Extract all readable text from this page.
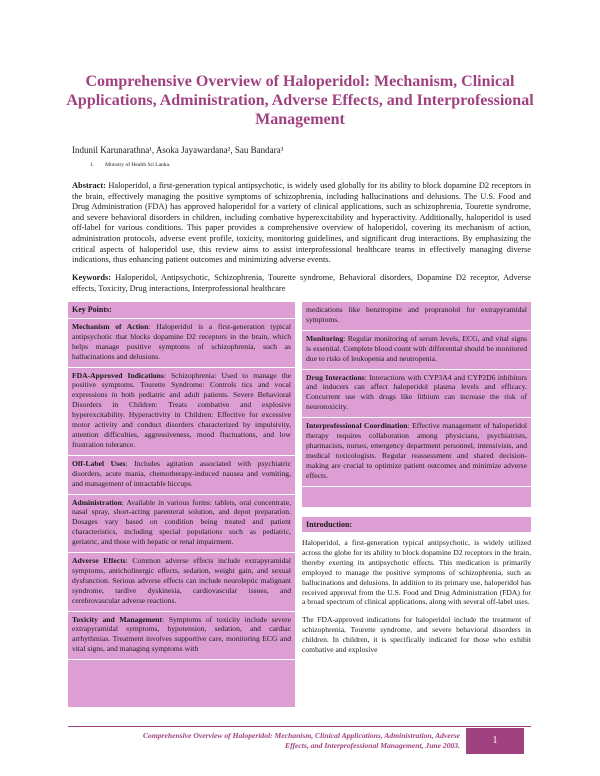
Comprehensive Overview of Haloperidol: Mechanism, Clinical Applications, Administration, Adverse Effects, and Interprofessional Management
Indunil Karunarathna¹, Asoka Jayawardana², Sau Bandara³
1.        Ministry of Health Sri Lanka.

Abstract: Haloperidol, a first-generation typical antipsychotic, is widely used globally for its ability to block dopamine D2 receptors in the brain, effectively managing the positive symptoms of schizophrenia, including hallucinations and delusions. The U.S. Food and Drug Administration (FDA) has approved haloperidol for a variety of clinical applications, such as schizophrenia, Tourette syndrome, and severe behavioral disorders in children, including combative hyperexcitability and hyperactivity. Additionally, haloperidol is used off-label for various conditions. This paper provides a comprehensive overview of haloperidol, covering its mechanism of action, administration protocols, adverse event profile, toxicity, monitoring guidelines, and significant drug interactions. By emphasizing the critical aspects of haloperidol use, this review aims to assist interprofessional healthcare teams in effectively managing diverse indications, thus enhancing patient outcomes and minimizing adverse events.

Keywords: Haloperidol, Antipsychotic, Schizophrenia, Tourette syndrome, Behavioral disorders, Dopamine D2 receptor, Adverse effects, Toxicity, Drug interactions, Interprofessional healthcare

Key Points:

Mechanism of Action: Haloperidol is a first-generation typical antipsychotic that blocks dopamine D2 receptors in the brain, which helps manage positive symptoms of schizophrenia, such as hallucinations and delusions.

FDA-Approved Indications: Schizophrenia: Used to manage the positive symptoms. Tourette Syndrome: Controls tics and vocal expressions in both pediatric and adult patients. Severe Behavioral Disorders in Children: Treats combative and explosive hyperexcitability. Hyperactivity in Children: Effective for excessive motor activity and conduct disorders characterized by impulsivity, attention difficulties, aggressiveness, mood fluctuations, and low frustration tolerance.

Off-Label Uses: Includes agitation associated with psychiatric disorders, acute mania, chemotherapy-induced nausea and vomiting, and management of intractable hiccups.

Administration: Available in various forms: tablets, oral concentrate, nasal spray, short-acting parenteral solution, and depot preparation. Dosages vary based on condition being treated and patient characteristics, including special populations such as pediatric, geriatric, and those with hepatic or renal impairment.

Adverse Effects: Common adverse effects include extrapyramidal symptoms, anticholinergic effects, sedation, weight gain, and sexual dysfunction. Serious adverse effects can include neuroleptic malignant syndrome, tardive dyskinesia, cardiovascular issues, and cerebrovascular adverse reactions.

Toxicity and Management: Symptoms of toxicity include severe extrapyramidal symptoms, hypotension, sedation, and cardiac arrhythmias. Treatment involves supportive care, monitoring ECG and vital signs, and managing symptoms with

medications like benztropine and propranolol for extrapyramidal symptoms.

Monitoring: Regular monitoring of serum levels, ECG, and vital signs is essential. Complete blood count with differential should be monitored due to risks of leukopenia and neutropenia.

Drug Interactions: Interactions with CYP3A4 and CYP2D6 inhibitors and inducers can affect haloperidol plasma levels and efficacy. Concurrent use with drugs like lithium can increase the risk of neurotoxicity.

Interprofessional Coordination: Effective management of haloperidol therapy requires collaboration among physicians, psychiatrists, pharmacists, nurses, emergency department personnel, intensivists, and medical toxicologists. Regular reassessment and shared decision-making are crucial to optimize patient outcomes and minimize adverse effects.

Introduction:

Haloperidol, a first-generation typical antipsychotic, is widely utilized across the globe for its ability to block dopamine D2 receptors in the brain, thereby exerting its antipsychotic effects. This medication is primarily employed to manage the positive symptoms of schizophrenia, such as hallucinations and delusions. In addition to its primary use, haloperidol has received approval from the U.S. Food and Drug Administration (FDA) for a broad spectrum of clinical applications, along with several off-label uses.

The FDA-approved indications for haloperidol include the treatment of schizophrenia, Tourette syndrome, and severe behavioral disorders in children. In children, it is specifically indicated for those who exhibit combative and explosive

Comprehensive Overview of Haloperidol: Mechanism, Clinical Applications, Administration, Adverse
Effects, and Interprofessional Management, June 2003.	1
